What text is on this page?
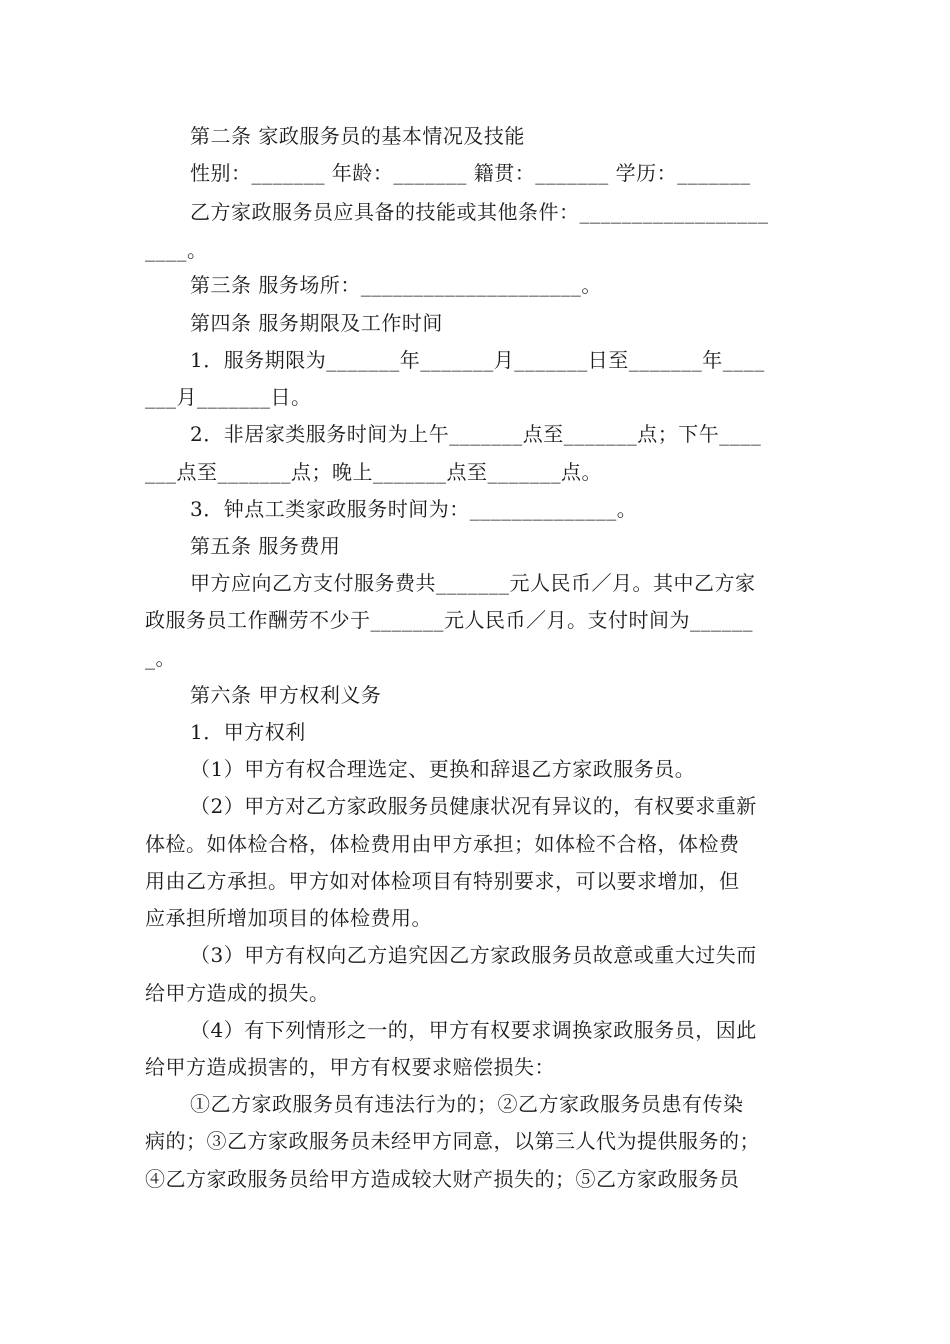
第二条 家政服务员的基本情况及技能
性别：_______ 年龄：_______ 籍贯：_______ 学历：_______
乙方家政服务员应具备的技能或其他条件：__________________
____。
第三条 服务场所：_____________________。
第四条 服务期限及工作时间
1．服务期限为_______年_______月_______日至_______年____
___月_______日。
2．非居家类服务时间为上午_______点至_______点；下午____
___点至_______点；晚上_______点至_______点。
3．钟点工类家政服务时间为：______________。
第五条 服务费用
甲方应向乙方支付服务费共_______元人民币／月。其中乙方家
政服务员工作酬劳不少于_______元人民币／月。支付时间为______
_。
第六条 甲方权利义务
1．甲方权利
（1）甲方有权合理选定、更换和辞退乙方家政服务员。
（2）甲方对乙方家政服务员健康状况有异议的，有权要求重新
体检。如体检合格，体检费用由甲方承担；如体检不合格，体检费
用由乙方承担。甲方如对体检项目有特别要求，可以要求增加，但
应承担所增加项目的体检费用。
（3）甲方有权向乙方追究因乙方家政服务员故意或重大过失而
给甲方造成的损失。
（4）有下列情形之一的，甲方有权要求调换家政服务员，因此
给甲方造成损害的，甲方有权要求赔偿损失：
①乙方家政服务员有违法行为的；②乙方家政服务员患有传染
病的；③乙方家政服务员未经甲方同意，以第三人代为提供服务的；
④乙方家政服务员给甲方造成较大财产损失的；⑤乙方家政服务员
